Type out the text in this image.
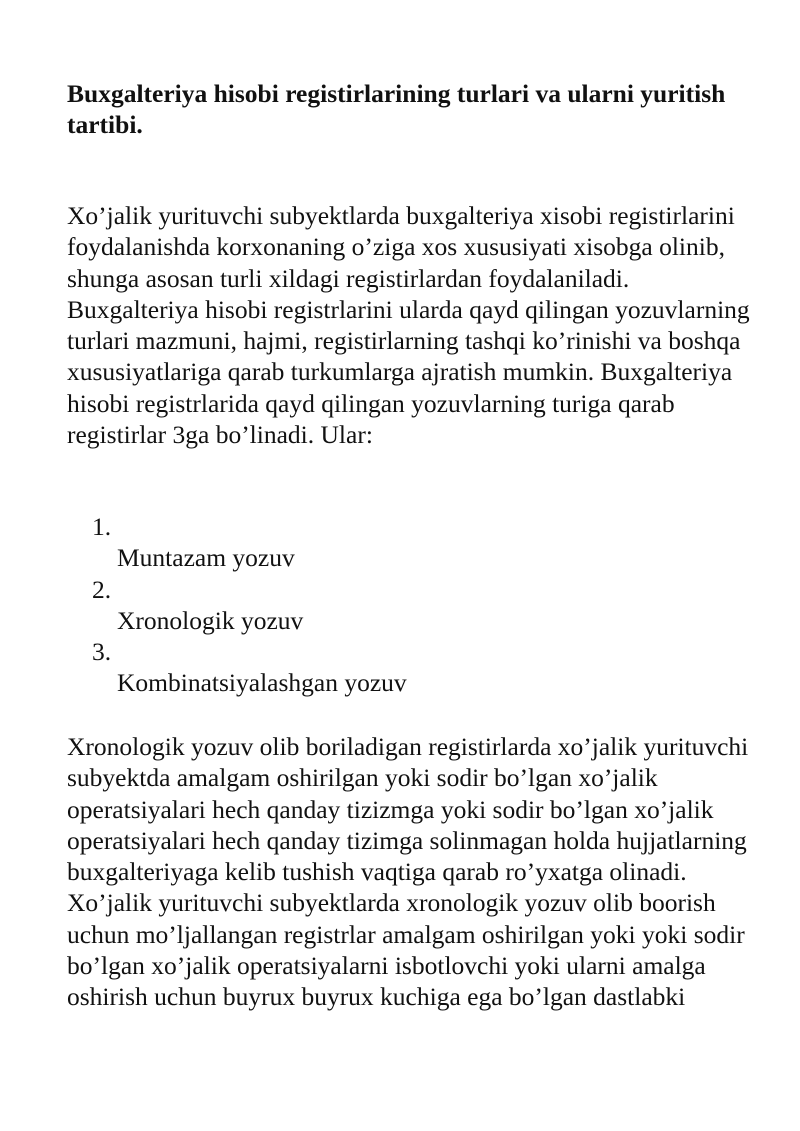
Buxgalteriya hisobi registirlarining turlari va ularni yuritish tartibi.

Xo’jalik yurituvchi subyektlarda buxgalteriya xisobi registirlarini foydalanishda korxonaning o’ziga xos xususiyati xisobga olinib, shunga asosan turli xildagi registirlardan foydalaniladi. Buxgalteriya hisobi registrlarini ularda qayd qilingan yozuvlarning turlari mazmuni, hajmi, registirlarning tashqi ko’rinishi va boshqa xususiyatlariga qarab turkumlarga ajratish mumkin. Buxgalteriya hisobi registrlarida qayd qilingan yozuvlarning turiga qarab registirlar 3ga bo’linadi. Ular:

1.
Muntazam yozuv
2.
Xronologik yozuv
3.
Kombinatsiyalashgan yozuv

Xronologik yozuv olib boriladigan registirlarda xo’jalik yurituvchi subyektda amalgam oshirilgan yoki sodir bo’lgan xo’jalik operatsiyalari hech qanday tizizmga yoki sodir bo’lgan xo’jalik operatsiyalari hech qanday tizimga solinmagan holda hujjatlarning buxgalteriyaga kelib tushish vaqtiga qarab ro’yxatga olinadi. Xo’jalik yurituvchi subyektlarda xronologik yozuv olib boorish uchun mo’ljallangan registrlar amalgam oshirilgan yoki yoki sodir bo’lgan xo’jalik operatsiyalarni isbotlovchi yoki ularni amalga oshirish uchun buyrux buyrux kuchiga ega bo’lgan dastlabki
